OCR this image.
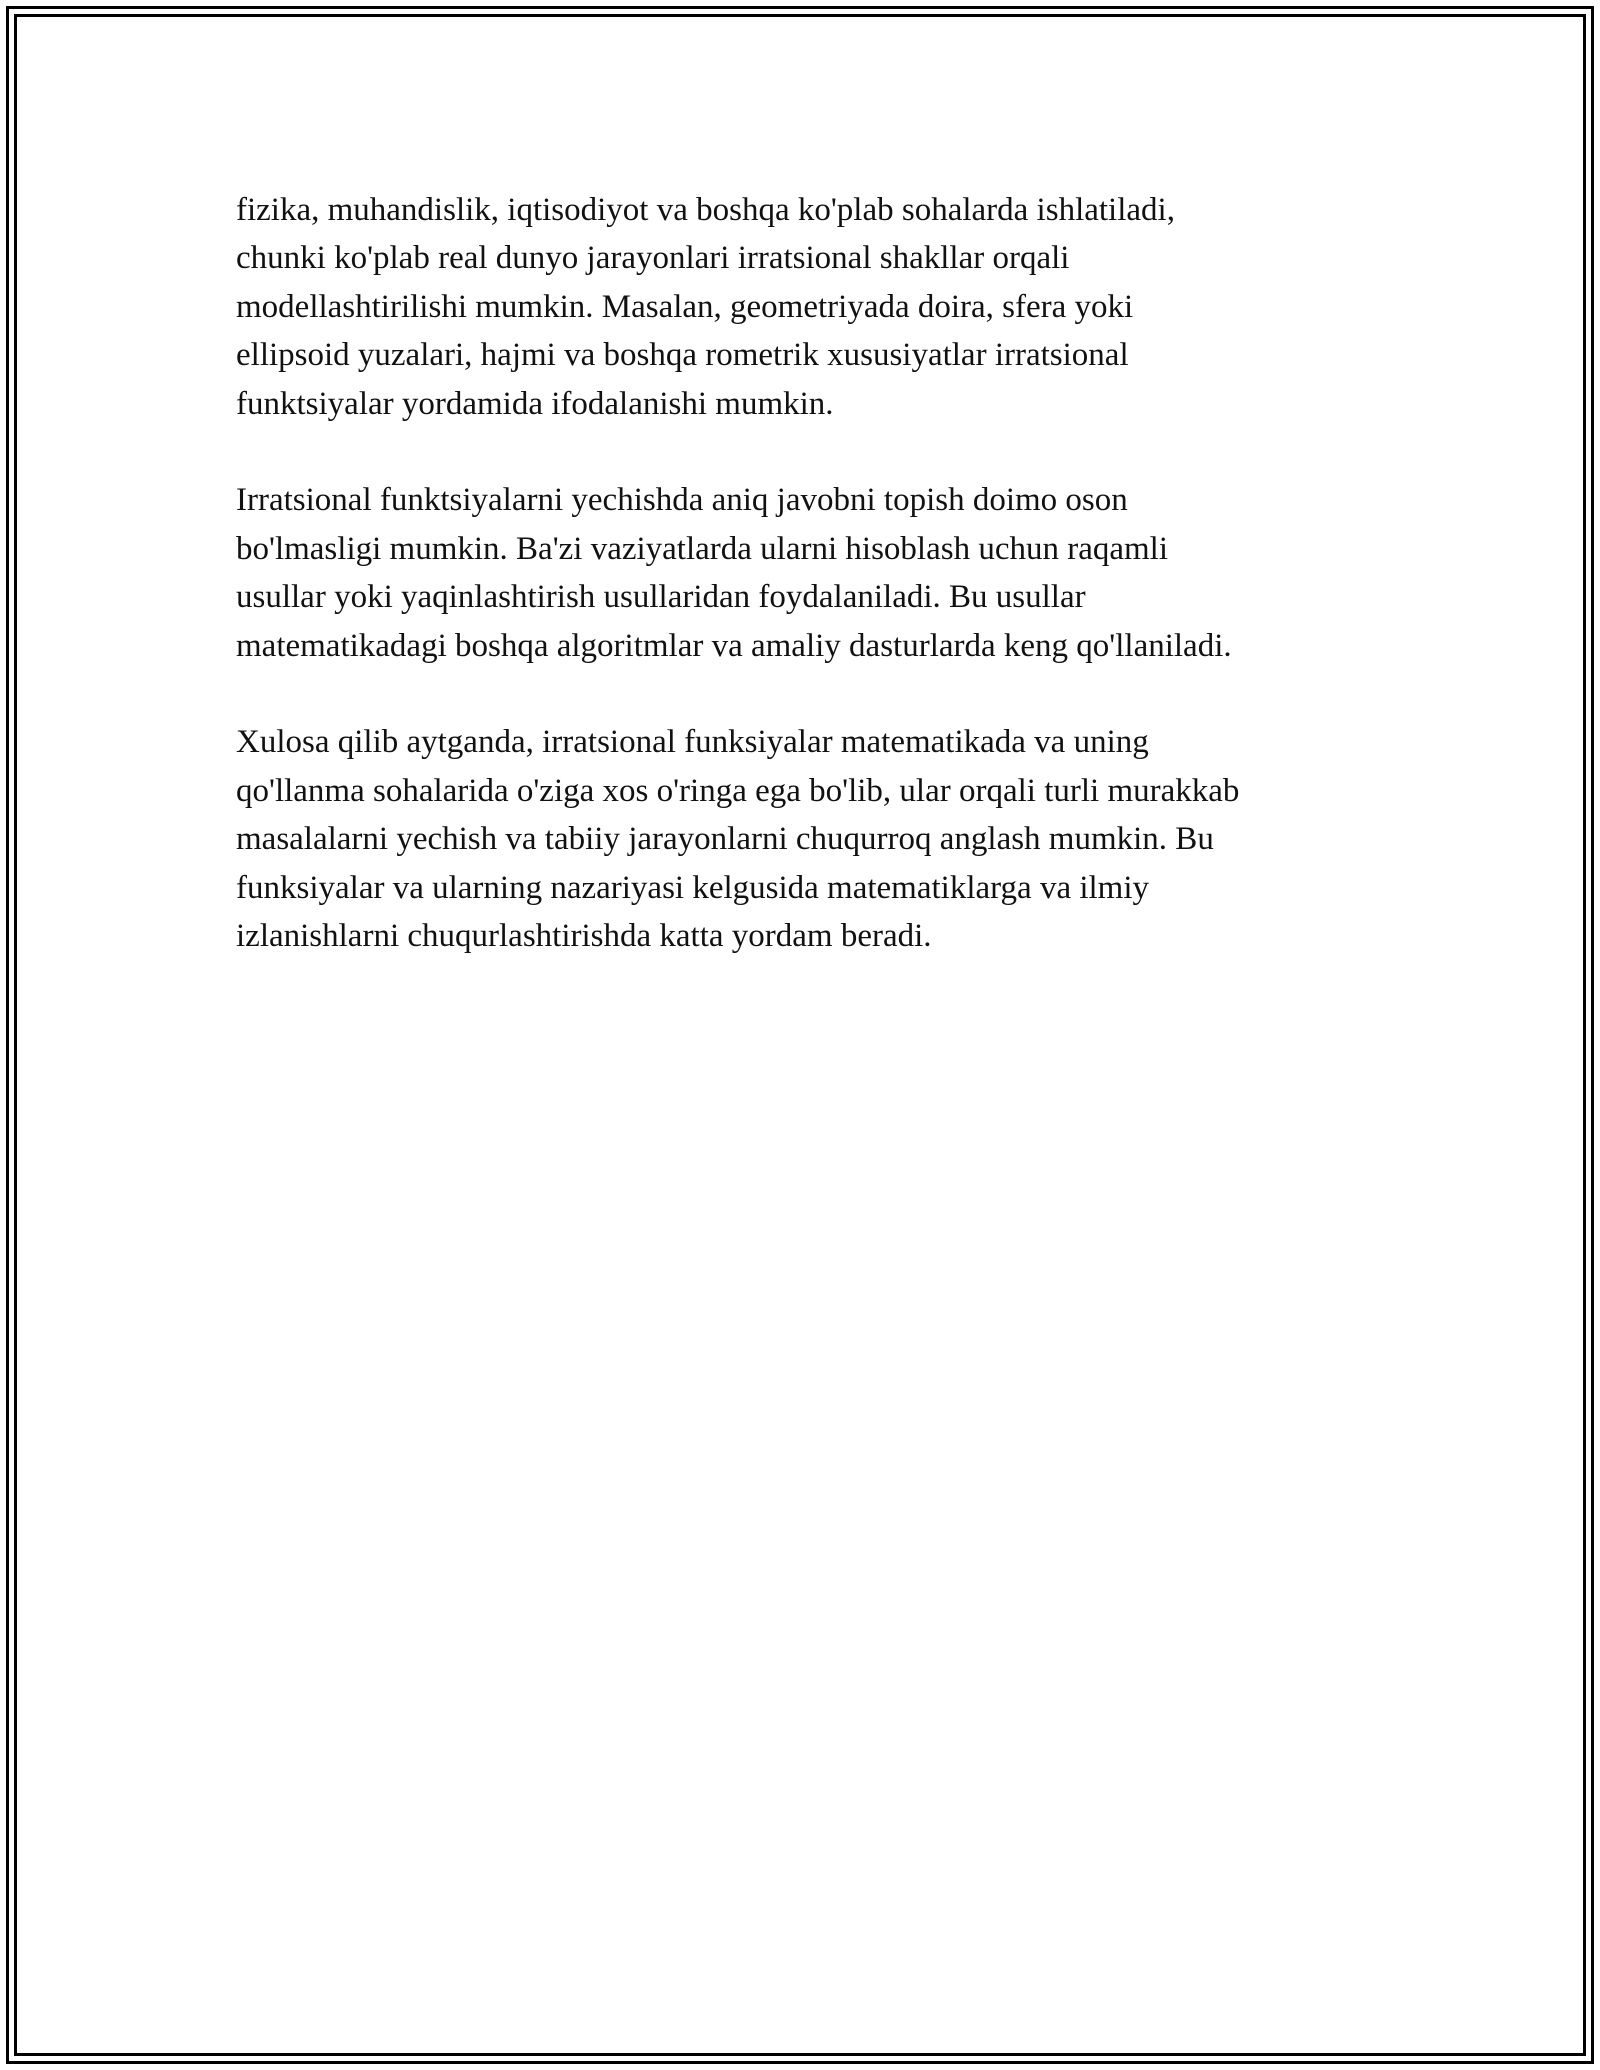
fizika, muhandislik, iqtisodiyot va boshqa ko'plab sohalarda ishlatiladi,
chunki ko'plab real dunyo jarayonlari irratsional shakllar orqali
modellashtirilishi mumkin. Masalan, geometriyada doira, sfera yoki
ellipsoid yuzalari, hajmi va boshqa rometrik xususiyatlar irratsional
funktsiyalar yordamida ifodalanishi mumkin.

Irratsional funktsiyalarni yechishda aniq javobni topish doimo oson
bo'lmasligi mumkin. Ba'zi vaziyatlarda ularni hisoblash uchun raqamli
usullar yoki yaqinlashtirish usullaridan foydalaniladi. Bu usullar
matematikadagi boshqa algoritmlar va amaliy dasturlarda keng qo'llaniladi.

Xulosa qilib aytganda, irratsional funksiyalar matematikada va uning
qo'llanma sohalarida o'ziga xos o'ringa ega bo'lib, ular orqali turli murakkab
masalalarni yechish va tabiiy jarayonlarni chuqurroq anglash mumkin. Bu
funksiyalar va ularning nazariyasi kelgusida matematiklarga va ilmiy
izlanishlarni chuqurlashtirishda katta yordam beradi.
